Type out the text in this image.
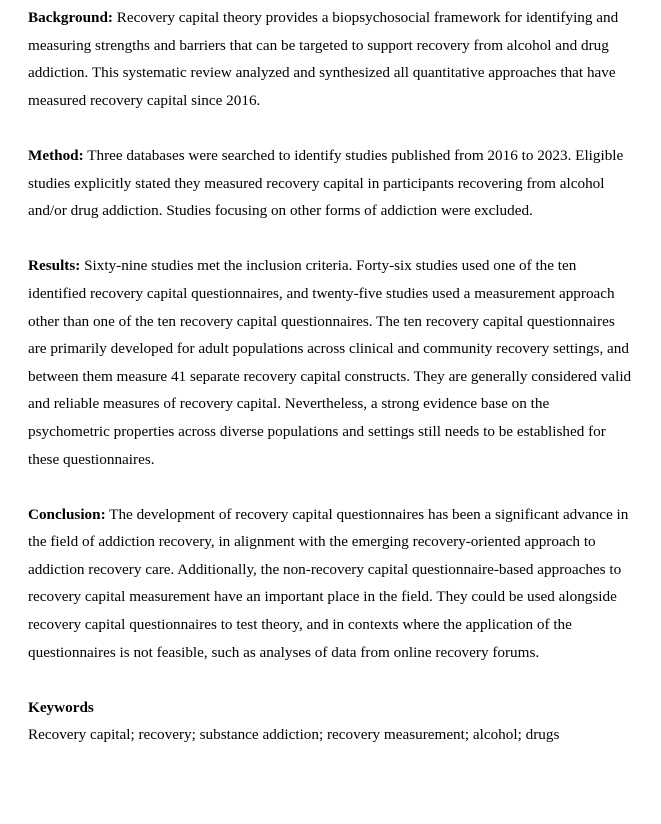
Background: Recovery capital theory provides a biopsychosocial framework for identifying and measuring strengths and barriers that can be targeted to support recovery from alcohol and drug addiction. This systematic review analyzed and synthesized all quantitative approaches that have measured recovery capital since 2016.

Method: Three databases were searched to identify studies published from 2016 to 2023. Eligible studies explicitly stated they measured recovery capital in participants recovering from alcohol and/or drug addiction. Studies focusing on other forms of addiction were excluded.

Results: Sixty-nine studies met the inclusion criteria. Forty-six studies used one of the ten identified recovery capital questionnaires, and twenty-five studies used a measurement approach other than one of the ten recovery capital questionnaires. The ten recovery capital questionnaires are primarily developed for adult populations across clinical and community recovery settings, and between them measure 41 separate recovery capital constructs. They are generally considered valid and reliable measures of recovery capital. Nevertheless, a strong evidence base on the psychometric properties across diverse populations and settings still needs to be established for these questionnaires.

Conclusion: The development of recovery capital questionnaires has been a significant advance in the field of addiction recovery, in alignment with the emerging recovery-oriented approach to addiction recovery care. Additionally, the non-recovery capital questionnaire-based approaches to recovery capital measurement have an important place in the field. They could be used alongside recovery capital questionnaires to test theory, and in contexts where the application of the questionnaires is not feasible, such as analyses of data from online recovery forums.

Keywords

Recovery capital; recovery; substance addiction; recovery measurement; alcohol; drugs
